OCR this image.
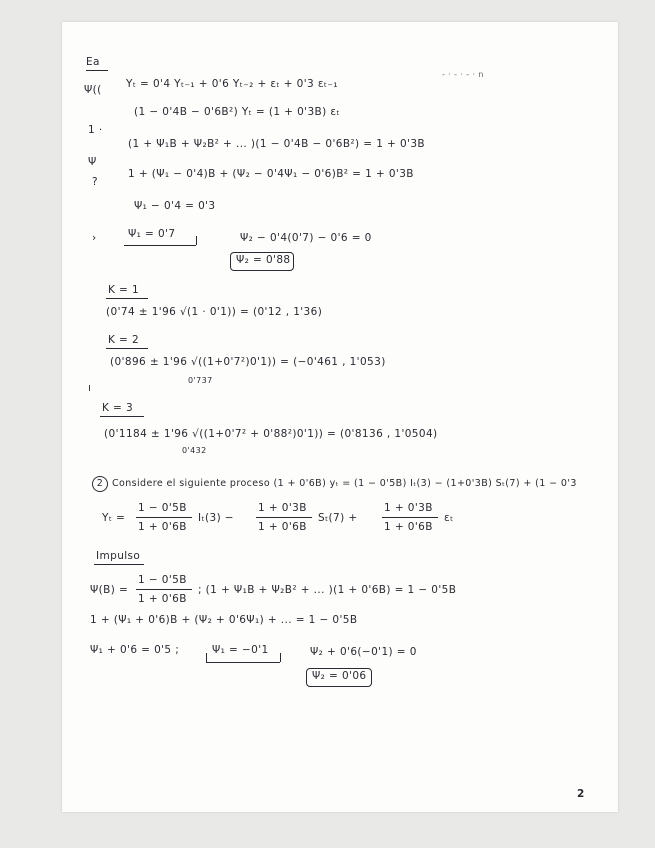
Ea
- · - · - · n
Ψ((
1 ·
Ψ
?
›
Yₜ = 0'4 Yₜ₋₁ + 0'6 Yₜ₋₂ + εₜ + 0'3 εₜ₋₁
(1 − 0'4B − 0'6B²) Yₜ = (1 + 0'3B) εₜ
(1 + Ψ₁B + Ψ₂B² + ... )(1 − 0'4B − 0'6B²) = 1 + 0'3B
1 + (Ψ₁ − 0'4)B + (Ψ₂ − 0'4Ψ₁ − 0'6)B² = 1 + 0'3B
Ψ₁ − 0'4 = 0'3
Ψ₁ = 0'7	Ψ₂ − 0'4(0'7) − 0'6 = 0
Ψ₂ = 0'88
K = 1
(0'74 ± 1'96 √(1 · 0'1)) = (0'12 , 1'36)
K = 2
(0'896 ± 1'96 √((1+0'7²)0'1)) = (−0'461 , 1'053)
0'737
ı
K = 3
(0'1184 ± 1'96 √((1+0'7² + 0'88²)0'1)) = (0'8136 , 1'0504)
0'432
2 Considere el siguiente proceso (1 + 0'6B) yₜ = (1 − 0'5B) Iₜ(3) − (1+0'3B) Sₜ(7) + (1 − 0'3
Yₜ =
1 − 0'5B
1 + 0'6B
Iₜ(3) −
1 + 0'3B
1 + 0'6B
Sₜ(7) +
1 + 0'3B
1 + 0'6B
εₜ
Impulso
Ψ(B) =
1 − 0'5B
1 + 0'6B
; (1 + Ψ₁B + Ψ₂B² + ... )(1 + 0'6B) = 1 − 0'5B
1 + (Ψ₁ + 0'6)B + (Ψ₂ + 0'6Ψ₁) + ... = 1 − 0'5B
Ψ₁ + 0'6 = 0'5 ;	Ψ₁ = −0'1	Ψ₂ + 0'6(−0'1) = 0
Ψ₂ = 0'06
2
